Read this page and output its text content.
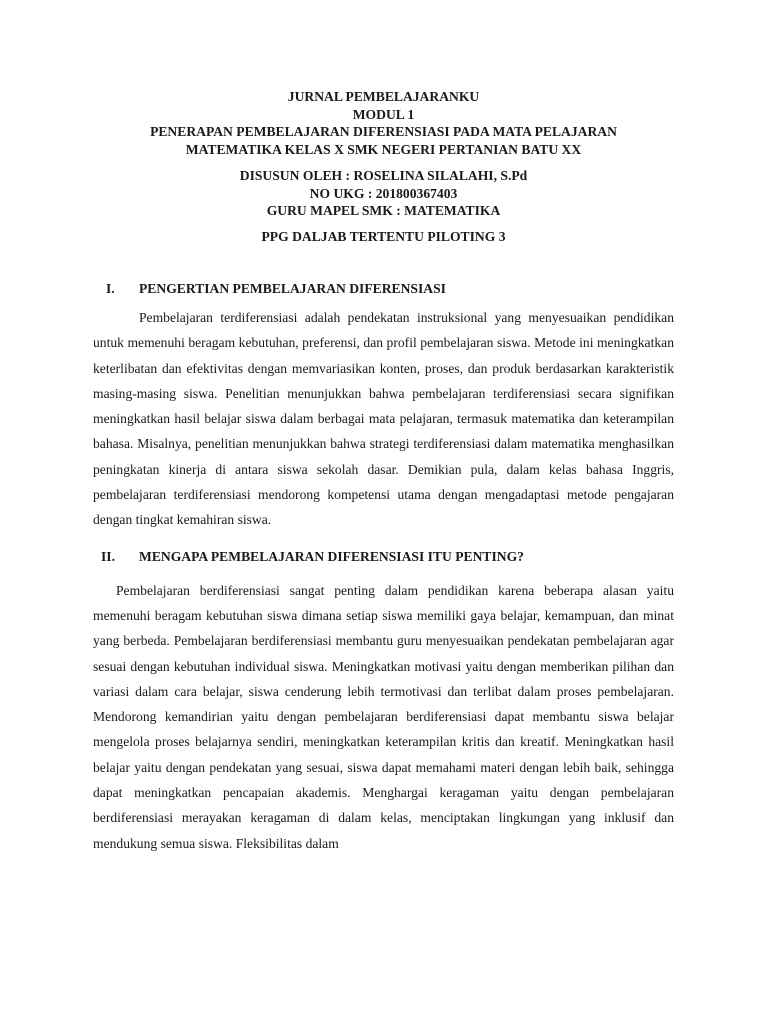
JURNAL PEMBELAJARANKU
MODUL 1
PENERAPAN PEMBELAJARAN DIFERENSIASI PADA MATA PELAJARAN
MATEMATIKA KELAS X SMK NEGERI PERTANIAN BATU XX
DISUSUN OLEH : ROSELINA SILALAHI, S.Pd
NO UKG : 201800367403
GURU MAPEL SMK : MATEMATIKA
PPG DALJAB TERTENTU PILOTING 3
I.	PENGERTIAN PEMBELAJARAN DIFERENSIASI

Pembelajaran terdiferensiasi adalah pendekatan instruksional yang menyesuaikan pendidikan untuk memenuhi beragam kebutuhan, preferensi, dan profil pembelajaran siswa. Metode ini meningkatkan keterlibatan dan efektivitas dengan memvariasikan konten, proses, dan produk berdasarkan karakteristik masing-masing siswa. Penelitian menunjukkan bahwa pembelajaran terdiferensiasi secara signifikan meningkatkan hasil belajar siswa dalam berbagai mata pelajaran, termasuk matematika dan keterampilan bahasa. Misalnya, penelitian menunjukkan bahwa strategi terdiferensiasi dalam matematika menghasilkan peningkatan kinerja di antara siswa sekolah dasar. Demikian pula, dalam kelas bahasa Inggris, pembelajaran terdiferensiasi mendorong kompetensi utama dengan mengadaptasi metode pengajaran dengan tingkat kemahiran siswa.

II.	MENGAPA PEMBELAJARAN DIFERENSIASI ITU PENTING?

Pembelajaran berdiferensiasi sangat penting dalam pendidikan karena beberapa alasan yaitu memenuhi beragam kebutuhan siswa dimana setiap siswa memiliki gaya belajar, kemampuan, dan minat yang berbeda. Pembelajaran berdiferensiasi membantu guru menyesuaikan pendekatan pembelajaran agar sesuai dengan kebutuhan individual siswa. Meningkatkan motivasi yaitu dengan memberikan pilihan dan variasi dalam cara belajar, siswa cenderung lebih termotivasi dan terlibat dalam proses pembelajaran. Mendorong kemandirian yaitu dengan pembelajaran berdiferensiasi dapat membantu siswa belajar mengelola proses belajarnya sendiri, meningkatkan keterampilan kritis dan kreatif. Meningkatkan hasil belajar yaitu dengan pendekatan yang sesuai, siswa dapat memahami materi dengan lebih baik, sehingga dapat meningkatkan pencapaian akademis. Menghargai keragaman yaitu dengan pembelajaran berdiferensiasi merayakan keragaman di dalam kelas, menciptakan lingkungan yang inklusif dan mendukung semua siswa. Fleksibilitas dalam
